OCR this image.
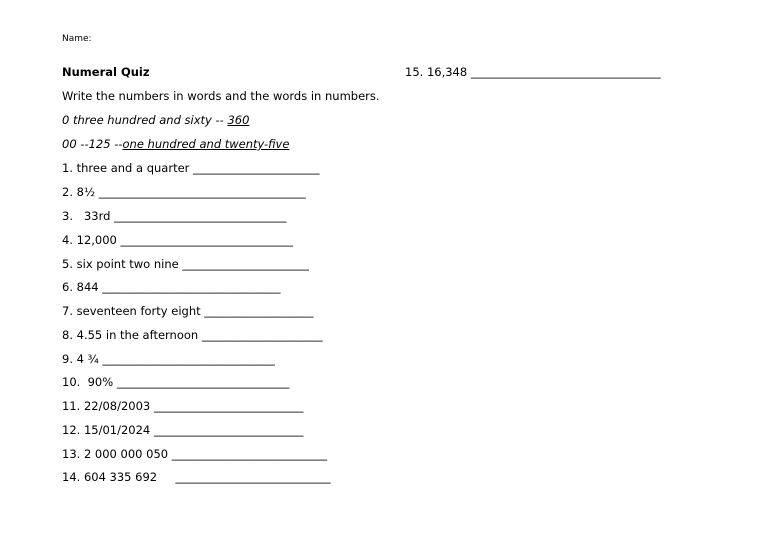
Name:
Numeral Quiz
Write the numbers in words and the words in numbers.
0 three hundred and sixty -- 360
00 --125 --one hundred and twenty-five
1. three and a quarter ______________________
2. 8½ ____________________________________
3.   33rd ______________________________
4. 12,000 ______________________________
5. six point two nine ______________________
6. 844 _______________________________
7. seventeen forty eight ___________________
8. 4.55 in the afternoon _____________________
9. 4 ¾ ______________________________
10.  90% ______________________________
11. 22/08/2003 __________________________
12. 15/01/2024 __________________________
13. 2 000 000 050 ___________________________
14. 604 335 692     ___________________________
15. 16,348 _________________________________
